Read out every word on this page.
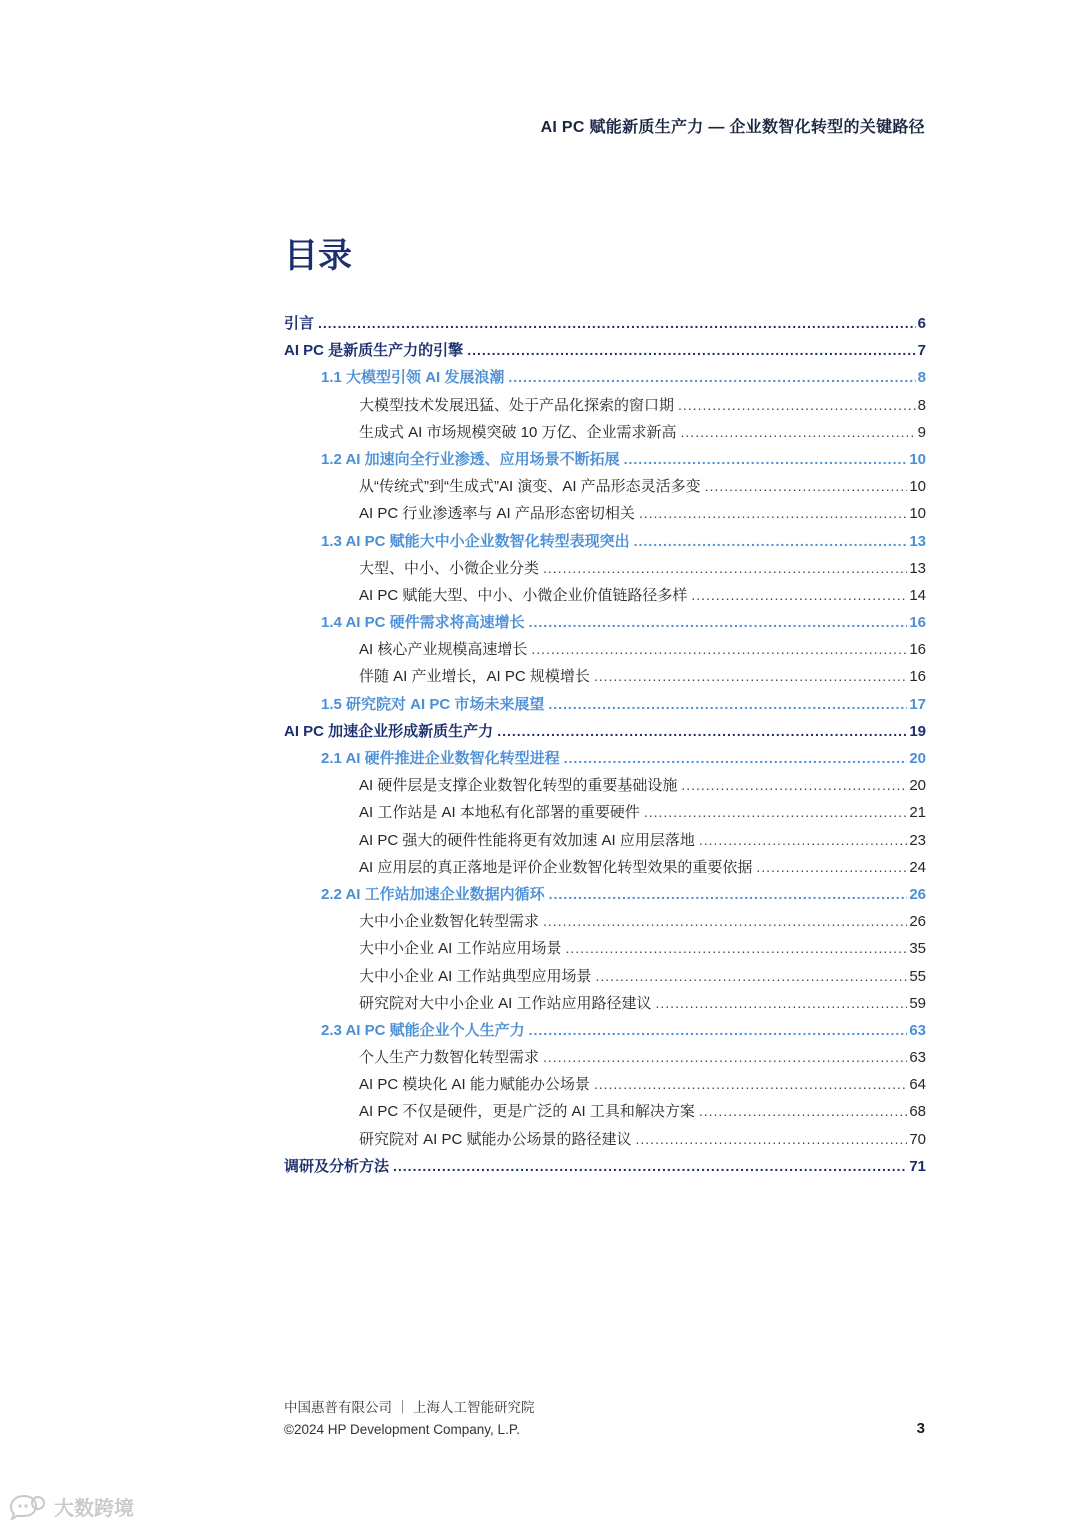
AI PC 赋能新质生产力 — 企业数智化转型的关键路径
目录
引言 .....	6
AI PC 是新质生产力的引擎 .....	7
1.1 大模型引领 AI 发展浪潮 .....	8
大模型技术发展迅猛、处于产品化探索的窗口期 .....	8
生成式 AI 市场规模突破 10 万亿、企业需求新高 .....	9
1.2 AI 加速向全行业渗透、应用场景不断拓展 .....	10
从“传统式”到“生成式”AI 演变、AI 产品形态灵活多变 .....	10
AI PC 行业渗透率与 AI 产品形态密切相关 .....	10
1.3 AI PC 赋能大中小企业数智化转型表现突出 .....	13
大型、中小、小微企业分类 .....	13
AI PC 赋能大型、中小、小微企业价值链路径多样 .....	14
1.4 AI PC 硬件需求将高速增长 .....	16
AI 核心产业规模高速增长 .....	16
伴随 AI 产业增长，AI PC 规模增长 .....	16
1.5 研究院对 AI PC 市场未来展望 .....	17
AI PC 加速企业形成新质生产力 .....	19
2.1 AI 硬件推进企业数智化转型进程 .....	20
AI 硬件层是支撑企业数智化转型的重要基础设施 .....	20
AI 工作站是 AI 本地私有化部署的重要硬件 .....	21
AI PC 强大的硬件性能将更有效加速 AI 应用层落地 .....	23
AI 应用层的真正落地是评价企业数智化转型效果的重要依据 .....	24
2.2 AI 工作站加速企业数据内循环 .....	26
大中小企业数智化转型需求 .....	26
大中小企业 AI 工作站应用场景 .....	35
大中小企业 AI 工作站典型应用场景 .....	55
研究院对大中小企业 AI 工作站应用路径建议 .....	59
2.3 AI PC 赋能企业个人生产力 .....	63
个人生产力数智化转型需求 .....	63
AI PC 模块化 AI 能力赋能办公场景 .....	64
AI PC 不仅是硬件，更是广泛的 AI 工具和解决方案 .....	68
研究院对 AI PC 赋能办公场景的路径建议 .....	70
调研及分析方法 .....	71
中国惠普有限公司 ｜ 上海人工智能研究院
©2024 HP Development Company, L.P.	3
大数跨境
